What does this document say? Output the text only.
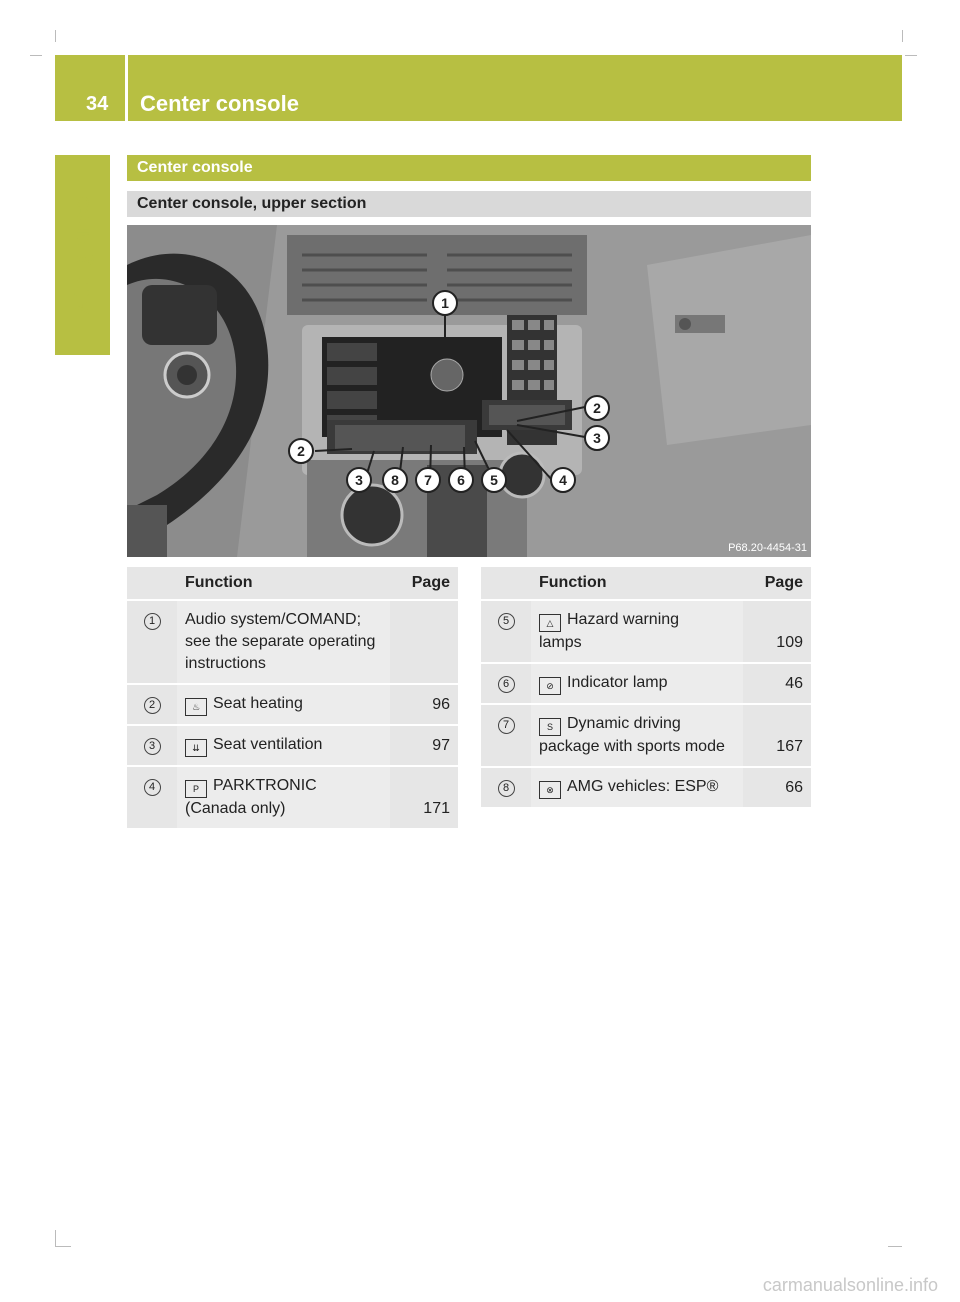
34 Center console
At a glance
Center console
Center console, upper section
1
2
3
4
2
3 8 7 6 5
P68.20-4454-31
	Function	Page
1	Audio system/COMAND;
see the separate operating
instructions	

2	♨ Seat heating	96
3	⇊ Seat ventilation	97
4	P PARKTRONIC
(Canada only)	171
	Function	Page
5	△ Hazard warning
lamps	109
6	⊘ Indicator lamp	46
7	S Dynamic driving
package with sports mode	167
8	⊗ AMG vehicles: ESP®	66
carmanualsonline.info
